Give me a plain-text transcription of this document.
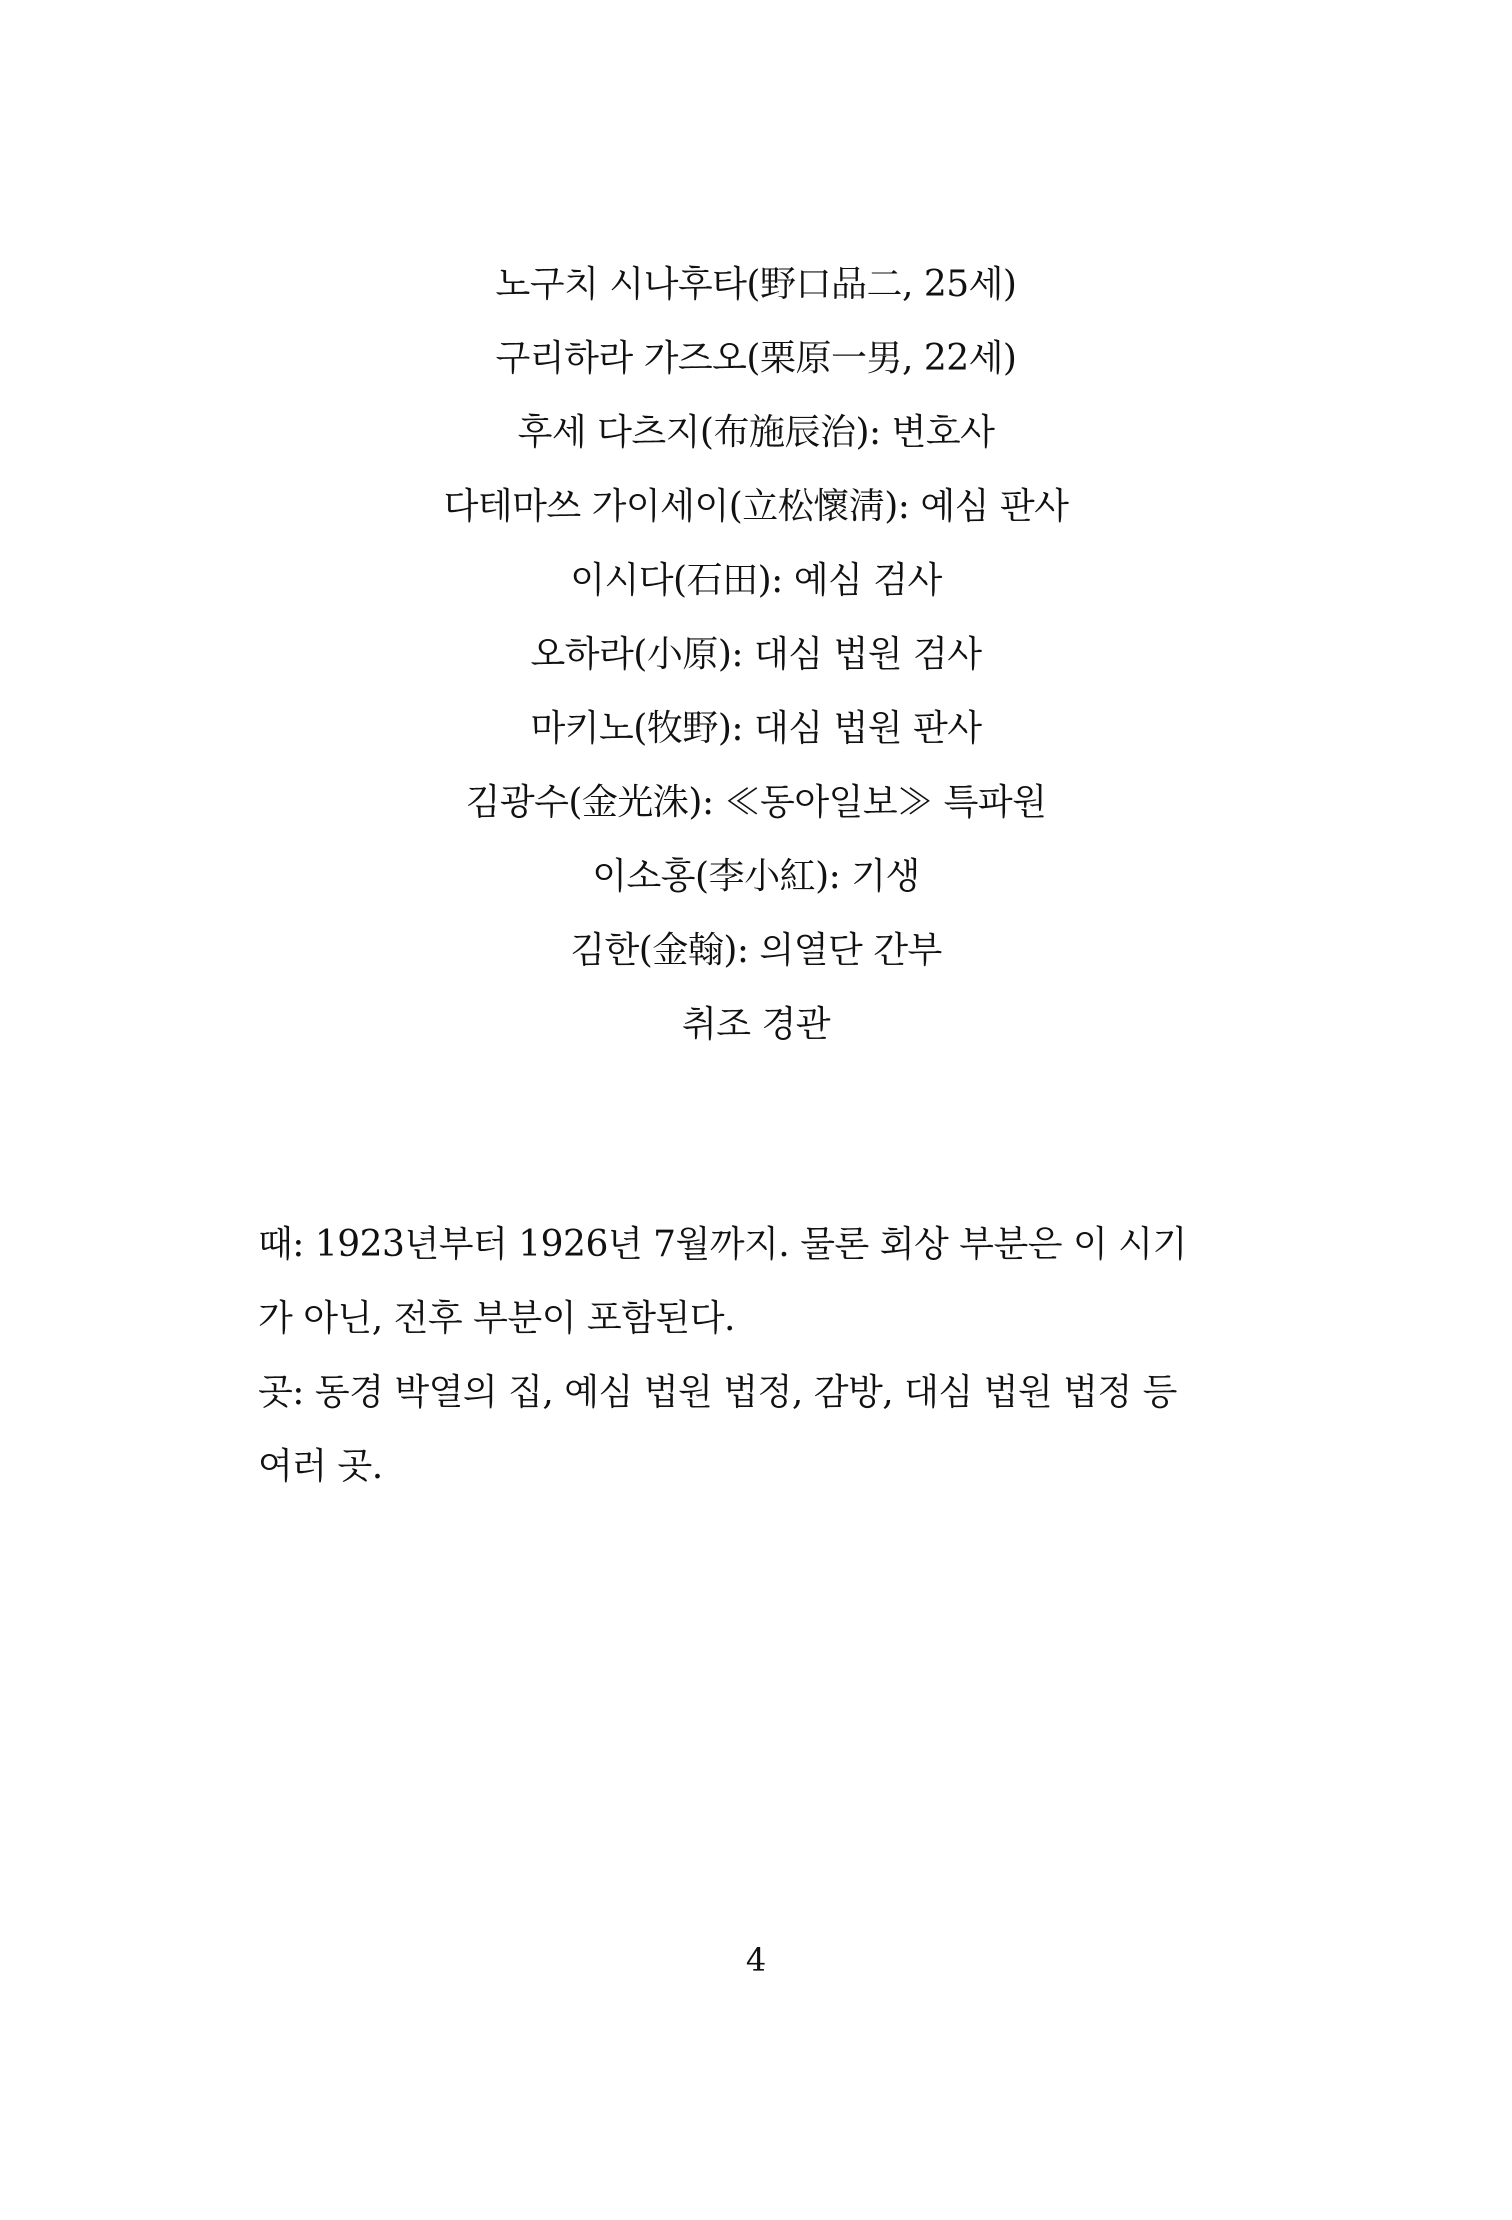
노구치 시나후타(野口品二, 25세)
구리하라 가즈오(栗原一男, 22세)
후세 다츠지(布施辰治): 변호사
다테마쓰 가이세이(立松懷淸): 예심 판사
이시다(石田): 예심 검사
오하라(小原): 대심 법원 검사
마키노(牧野): 대심 법원 판사
김광수(金光洙): ≪동아일보≫ 특파원
이소홍(李小紅): 기생
김한(金翰): 의열단 간부
취조 경관

때: 1923년부터 1926년 7월까지. 물론 회상 부분은 이 시기

가 아닌, 전후 부분이 포함된다.

곳: 동경 박열의 집, 예심 법원 법정, 감방, 대심 법원 법정 등

여러 곳.

4
